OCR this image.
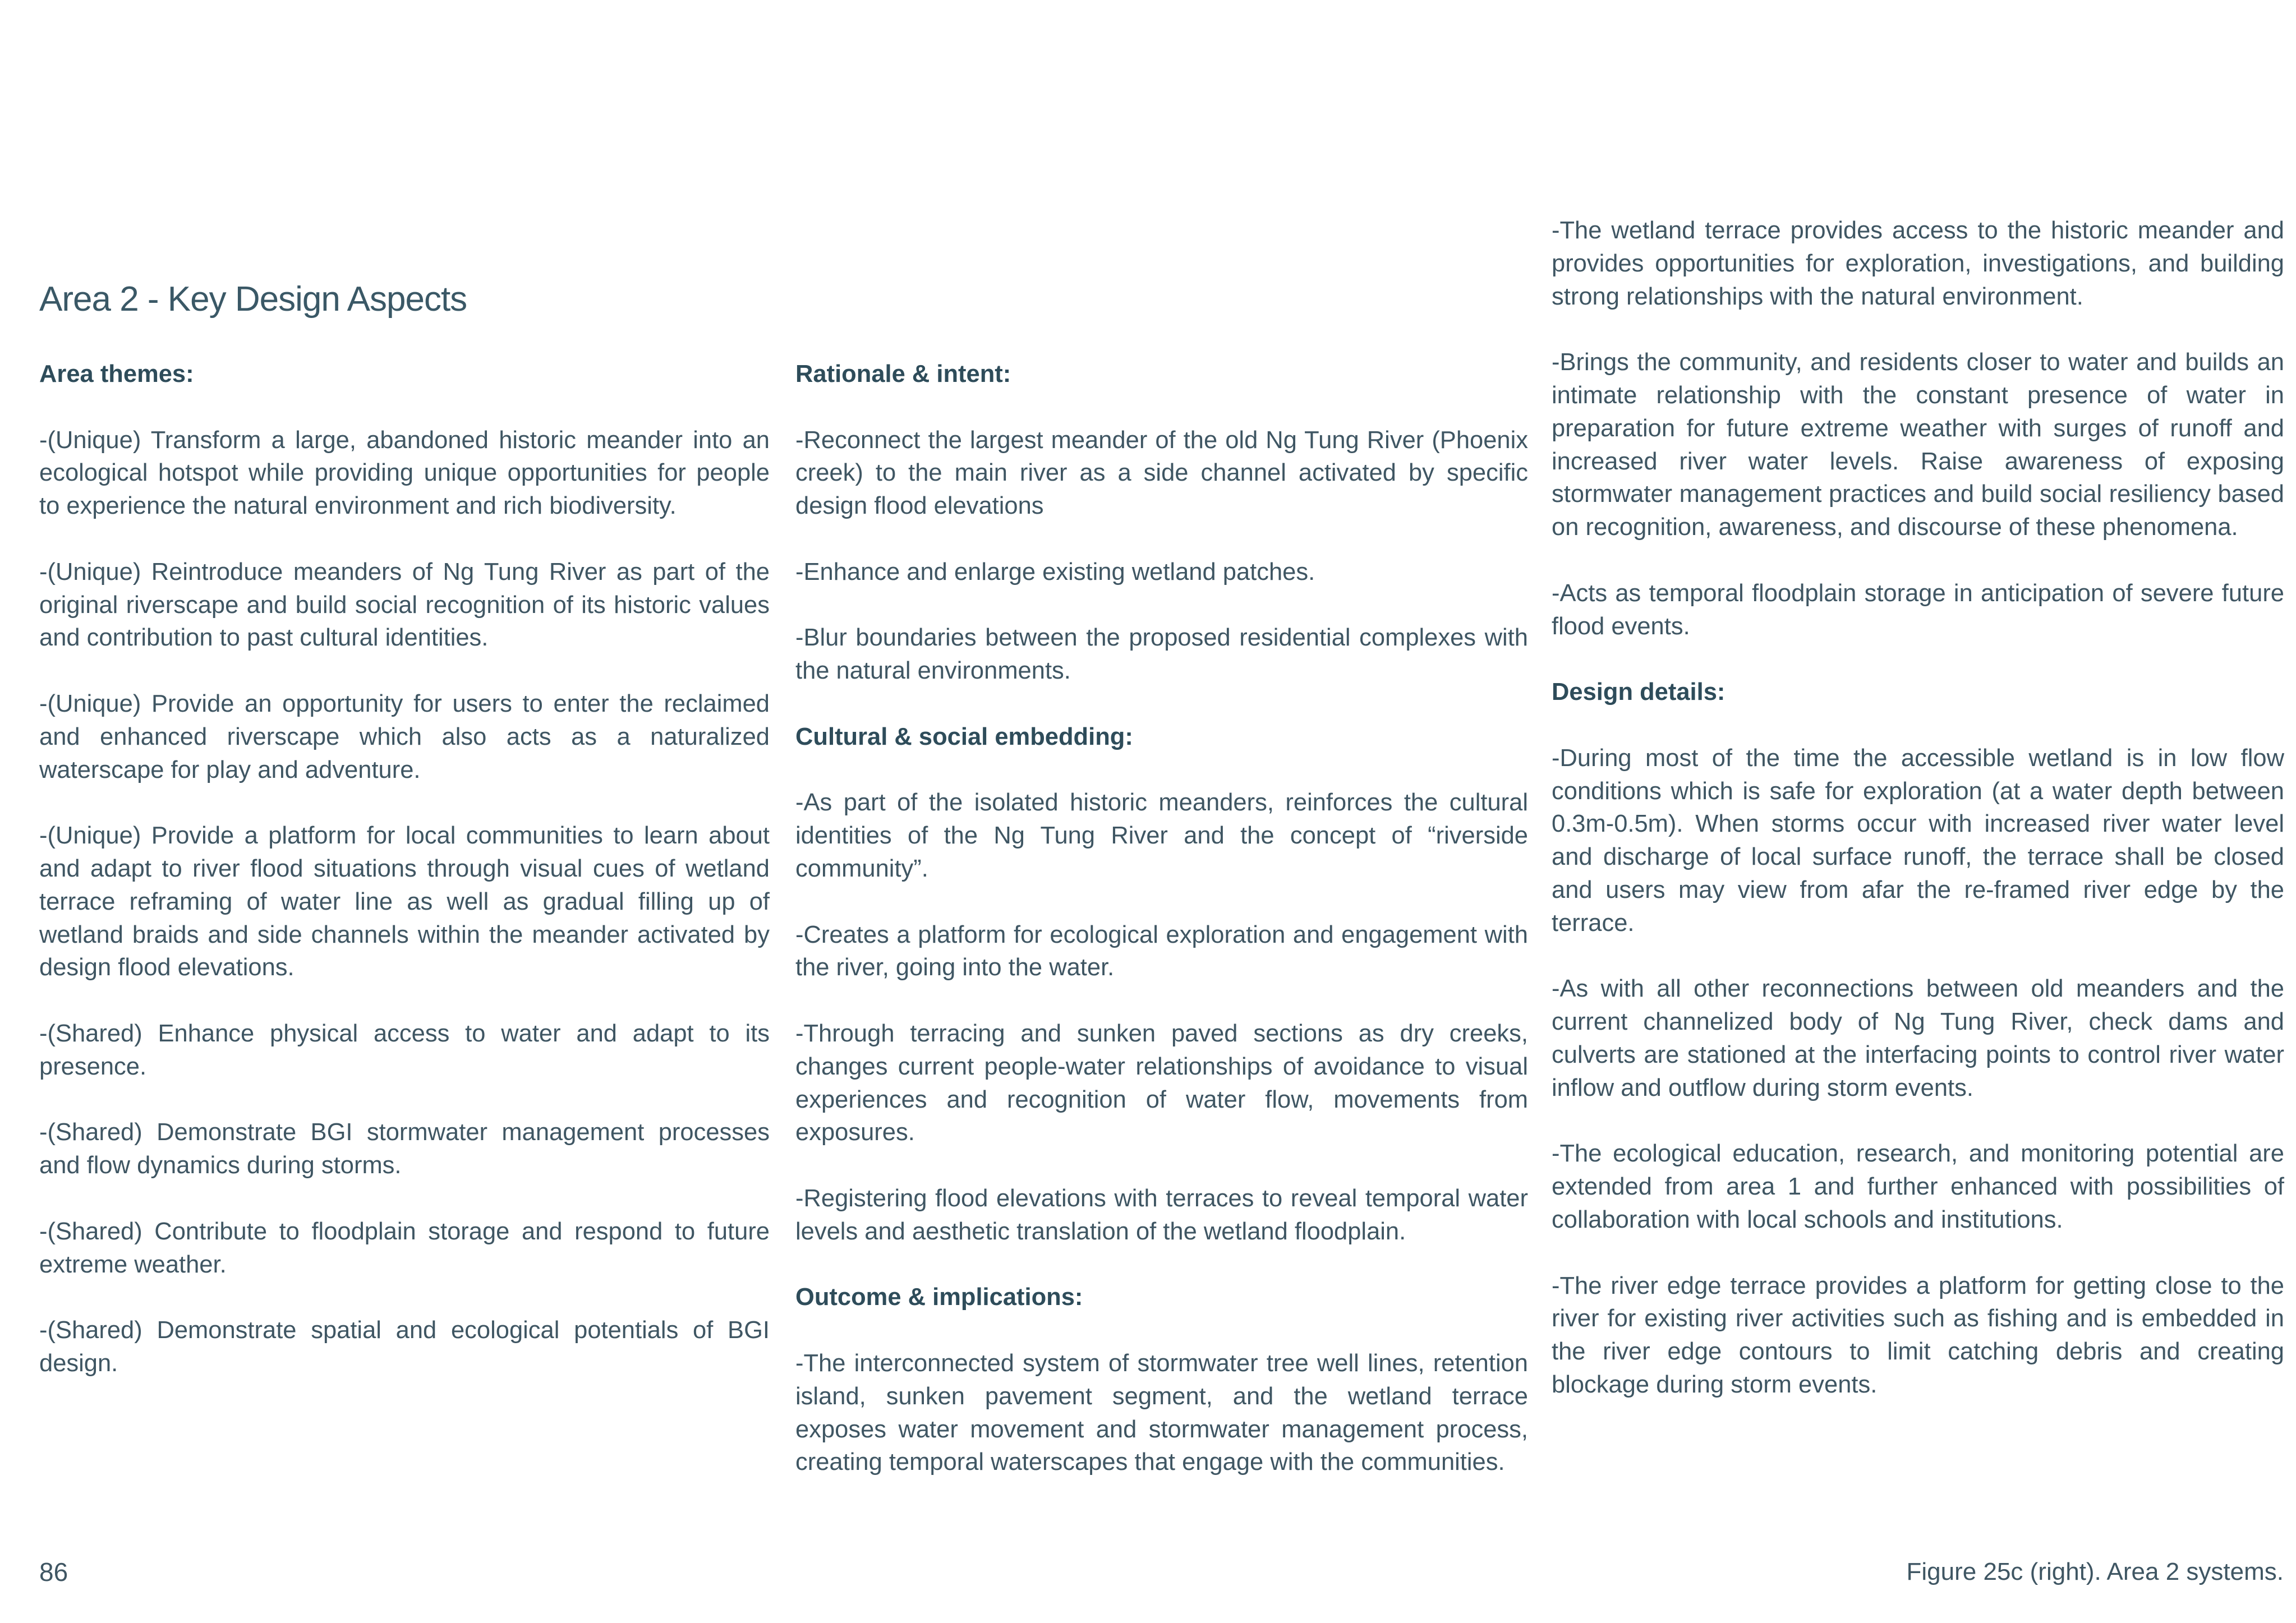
Area 2 - Key Design Aspects

Area themes:

-(Unique) Transform a large, abandoned historic meander into an ecological hotspot while providing unique opportunities for people to experience the natural environment and rich biodiversity.

-(Unique) Reintroduce meanders of Ng Tung River as part of the original riverscape and build social recognition of its historic values and contribution to past cultural identities.

-(Unique) Provide an opportunity for users to enter the reclaimed and enhanced riverscape which also acts as a naturalized waterscape for play and adventure.

-(Unique) Provide a platform for local communities to learn about and adapt to river flood situations through visual cues of wetland terrace reframing of water line as well as gradual filling up of wetland braids and side channels within the meander activated by design flood elevations.

-(Shared) Enhance physical access to water and adapt to its presence.

-(Shared) Demonstrate BGI stormwater management processes and flow dynamics during storms.

-(Shared) Contribute to floodplain storage and respond to future extreme weather.

-(Shared) Demonstrate spatial and ecological potentials of BGI design.

Rationale & intent:

-Reconnect the largest meander of the old Ng Tung River (Phoenix creek) to the main river as a side channel activated by specific design flood elevations

-Enhance and enlarge existing wetland patches.

-Blur boundaries between the proposed residential complexes with the natural environments.

Cultural & social embedding:

-As part of the isolated historic meanders, reinforces the cultural identities of the Ng Tung River and the concept of “riverside community”.

-Creates a platform for ecological exploration and engagement with the river, going into the water.

-Through terracing and sunken paved sections as dry creeks, changes current people-water relationships of avoidance to visual experiences and recognition of water flow, movements from exposures.

-Registering flood elevations with terraces to reveal temporal water levels and aesthetic translation of the wetland floodplain.

Outcome & implications:

-The interconnected system of stormwater tree well lines, retention island, sunken pavement segment, and the wetland terrace exposes water movement and stormwater management process, creating temporal waterscapes that engage with the communities.

-The wetland terrace provides access to the historic meander and provides opportunities for exploration, investigations, and building strong relationships with the natural environment.

-Brings the community, and residents closer to water and builds an intimate relationship with the constant presence of water in preparation for future extreme weather with surges of runoff and increased river water levels. Raise awareness of exposing stormwater management practices and build social resiliency based on recognition, awareness, and discourse of these phenomena.

-Acts as temporal floodplain storage in anticipation of severe future flood events.

Design details:

-During most of the time the accessible wetland is in low flow conditions which is safe for exploration (at a water depth between 0.3m-0.5m). When storms occur with increased river water level and discharge of local surface runoff, the terrace shall be closed and users may view from afar the re-framed river edge by the terrace.

-As with all other reconnections between old meanders and the current channelized body of Ng Tung River, check dams and culverts are stationed at the interfacing points to control river water inflow and outflow during storm events.

-The ecological education, research, and monitoring potential are extended from area 1 and further enhanced with possibilities of collaboration with local schools and institutions.

-The river edge terrace provides a platform for getting close to the river for existing river activities such as fishing and is embedded in the river edge contours to limit catching debris and creating blockage during storm events.

86	Figure 25c (right). Area 2 systems.
